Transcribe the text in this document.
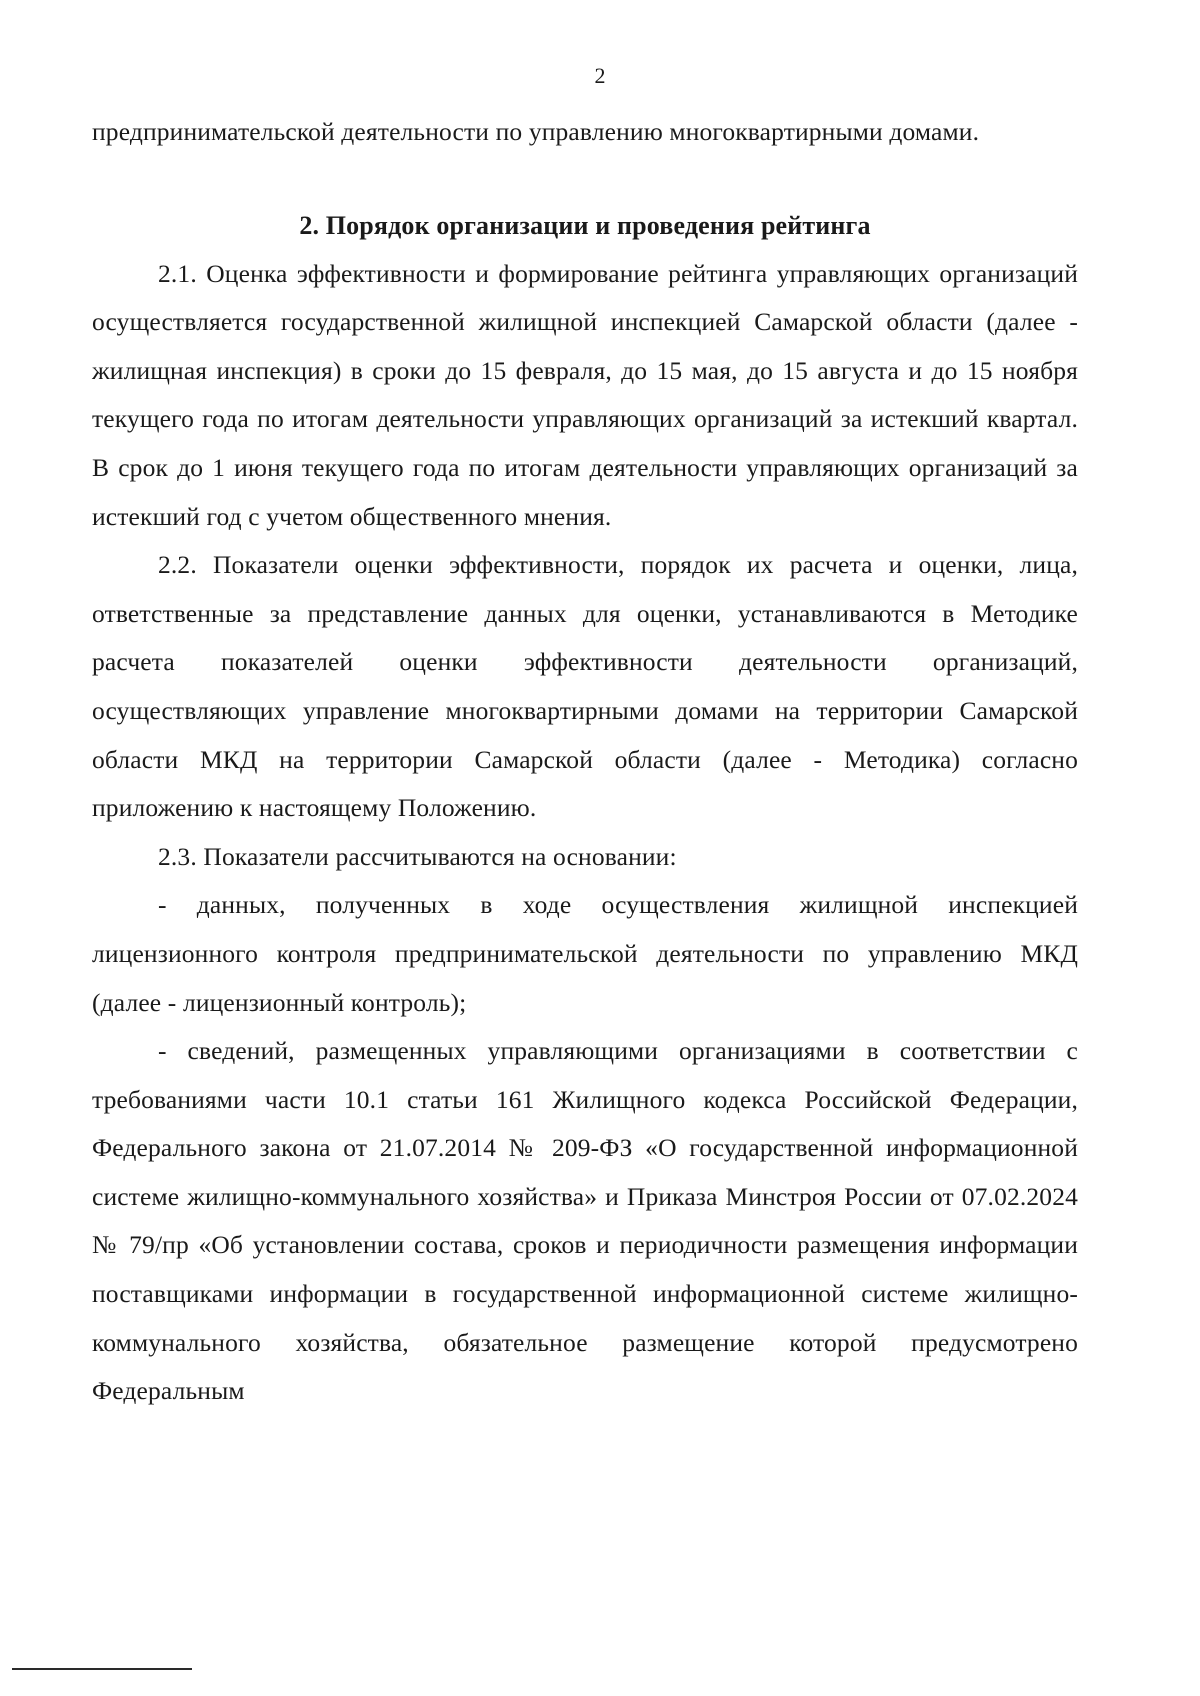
2

предпринимательской деятельности по управлению многоквартирными домами.

2. Порядок организации и проведения рейтинга

2.1. Оценка эффективности и формирование рейтинга управляющих организаций осуществляется государственной жилищной инспекцией Самарской области (далее - жилищная инспекция) в сроки до 15 февраля, до 15 мая, до 15 августа и до 15 ноября текущего года по итогам деятельности управляющих организаций за истекший квартал. В срок до 1 июня текущего года по итогам деятельности управляющих организаций за истекший год с учетом общественного мнения.

2.2. Показатели оценки эффективности, порядок их расчета и оценки, лица, ответственные за представление данных для оценки, устанавливаются в Методике расчета показателей оценки эффективности деятельности организаций, осуществляющих управление многоквартирными домами на территории Самарской области МКД на территории Самарской области (далее - Методика) согласно приложению к настоящему Положению.

2.3. Показатели рассчитываются на основании:

- данных, полученных в ходе осуществления жилищной инспекцией лицензионного контроля предпринимательской деятельности по управлению МКД (далее - лицензионный контроль);

- сведений, размещенных управляющими организациями в соответствии с требованиями части 10.1 статьи 161 Жилищного кодекса Российской Федерации, Федерального закона от 21.07.2014 № 209-ФЗ «О государственной информационной системе жилищно-коммунального хозяйства» и Приказа Минстроя России от 07.02.2024 № 79/пр «Об установлении состава, сроков и периодичности размещения информации поставщиками информации в государственной информационной системе жилищно-коммунального хозяйства, обязательное размещение которой предусмотрено Федеральным
